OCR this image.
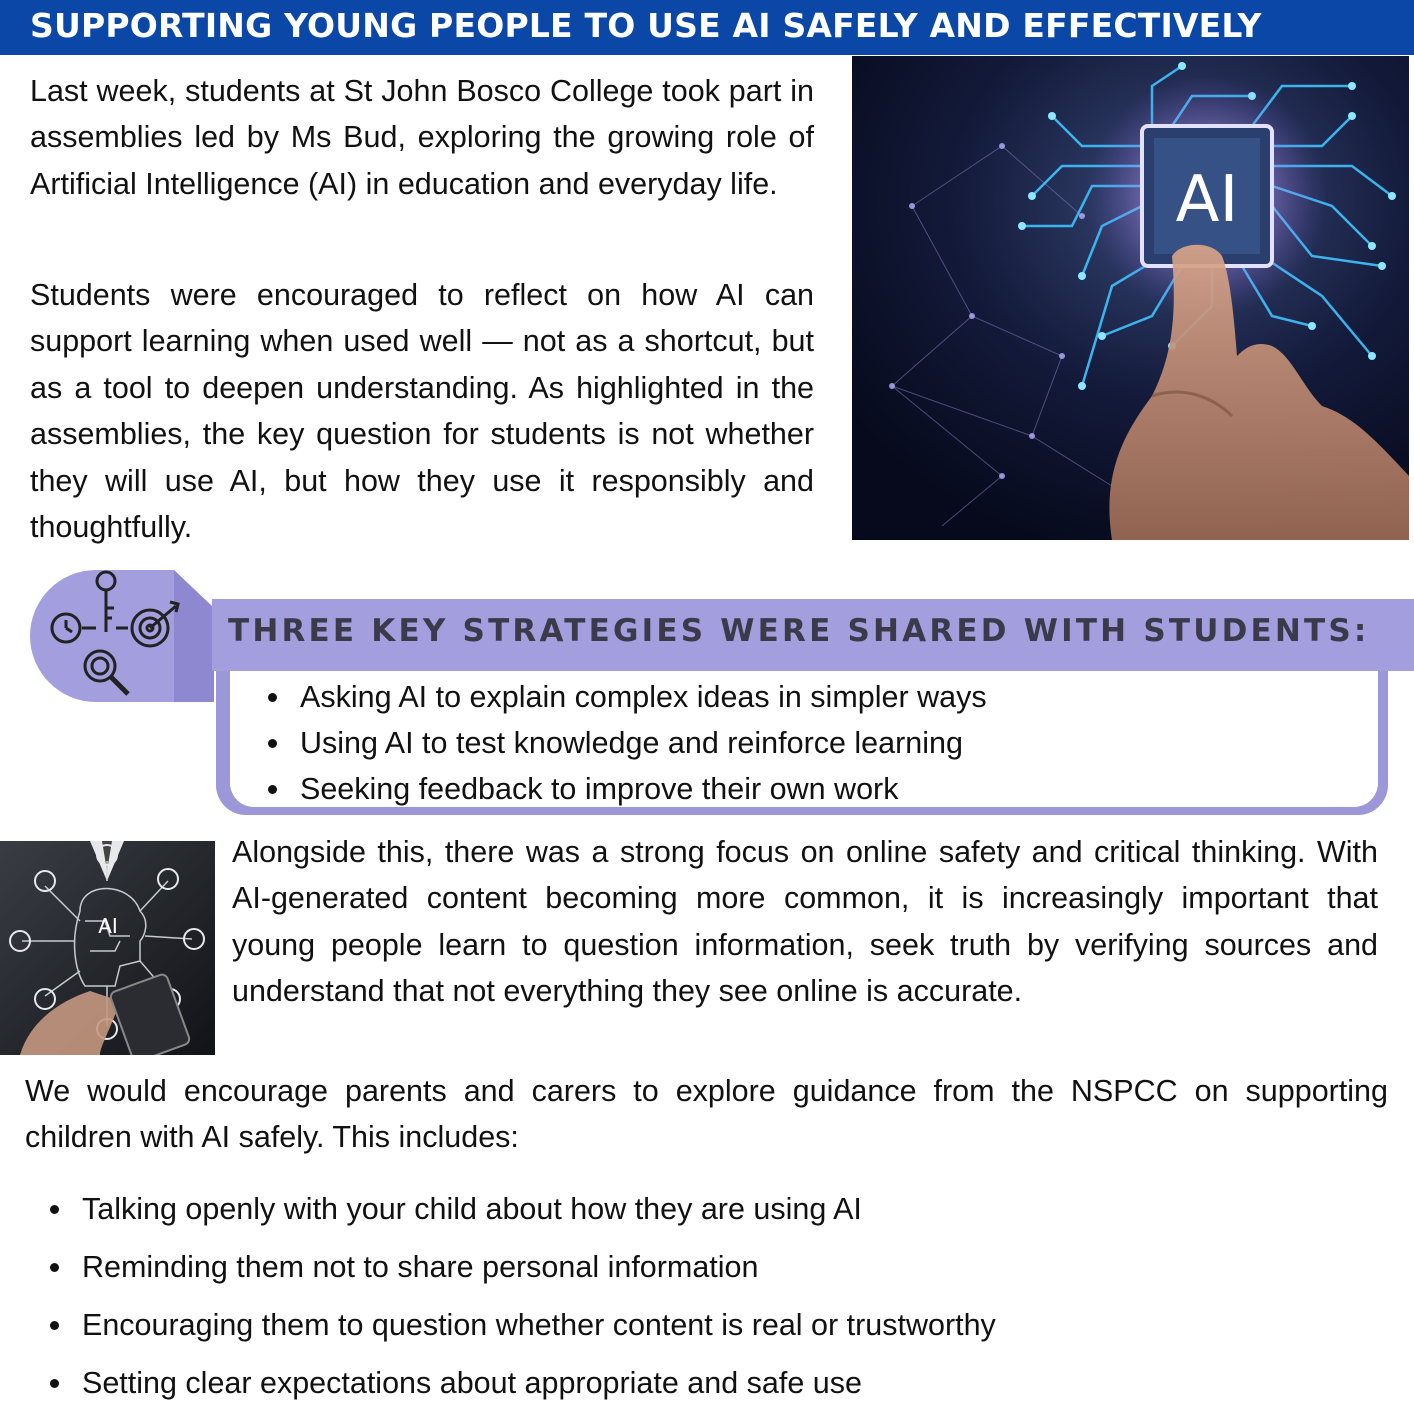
SUPPORTING YOUNG PEOPLE TO USE AI SAFELY AND EFFECTIVELY

Last week, students at St John Bosco College took part in assemblies led by Ms Bud, exploring the growing role of Artificial Intelligence (AI) in education and everyday life.

Students were encouraged to reflect on how AI can support learning when used well — not as a shortcut, but as a tool to deepen understanding. As highlighted in the assemblies, the key question for students is not whether they will use AI, but how they use it responsibly and thoughtfully.

AI
THREE KEY STRATEGIES WERE SHARED WITH STUDENTS:
Asking AI to explain complex ideas in simpler ways
Using AI to test knowledge and reinforce learning
Seeking feedback to improve their own work
AI

Alongside this, there was a strong focus on online safety and critical thinking. With AI-generated content becoming more common, it is increasingly important that young people learn to question information, seek truth by verifying sources and understand that not everything they see online is accurate.

We would encourage parents and carers to explore guidance from the NSPCC on supporting children with AI safely. This includes:

Talking openly with your child about how they are using AI
Reminding them not to share personal information
Encouraging them to question whether content is real or trustworthy
Setting clear expectations about appropriate and safe use
